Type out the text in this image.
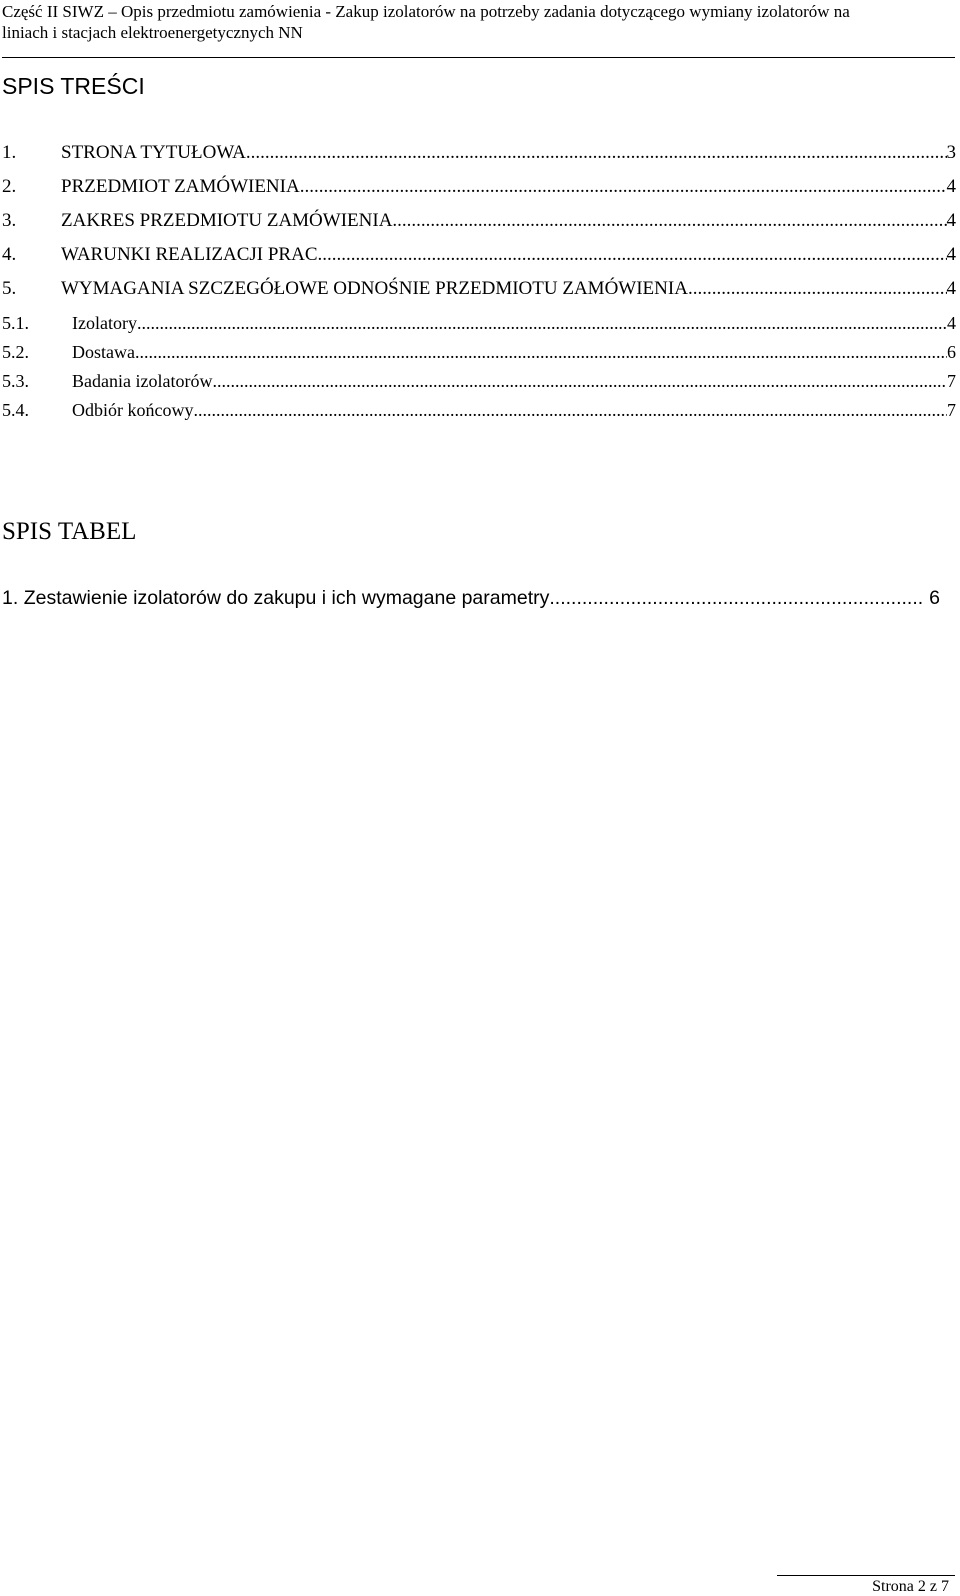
Część II SIWZ – Opis przedmiotu zamówienia - Zakup izolatorów na potrzeby zadania dotyczącego wymiany izolatorów na
liniach i stacjach elektroenergetycznych NN
SPIS TREŚCI
1.	STRONA TYTUŁOWA .....	3
2.	PRZEDMIOT ZAMÓWIENIA .....	4
3.	ZAKRES PRZEDMIOTU ZAMÓWIENIA .....	4
4.	WARUNKI REALIZACJI PRAC .....	4
5.	WYMAGANIA SZCZEGÓŁOWE ODNOŚNIE PRZEDMIOTU ZAMÓWIENIA .....	4
5.1.	Izolatory .....	4
5.2.	Dostawa .....	6
5.3.	Badania izolatorów .....	7
5.4.	Odbiór końcowy .....	7
SPIS TABEL
1. Zestawienie izolatorów do zakupu i ich wymagane parametry .....	6
Strona 2 z 7
